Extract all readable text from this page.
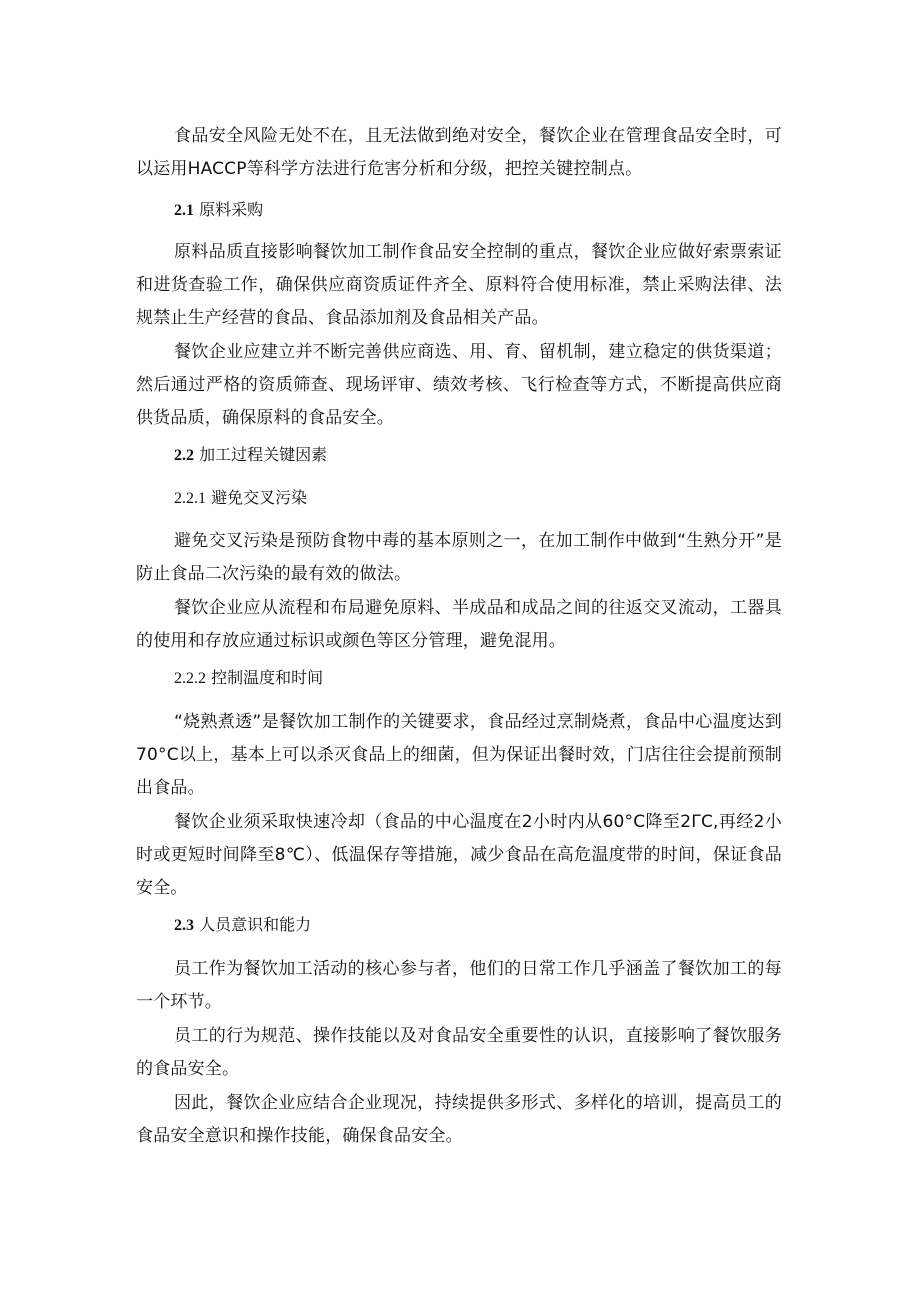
食品安全风险无处不在，且无法做到绝对安全，餐饮企业在管理食品安全时，可以运用HACCP等科学方法进行危害分析和分级，把控关键控制点。

2.1 原料采购

原料品质直接影响餐饮加工制作食品安全控制的重点，餐饮企业应做好索票索证和进货查验工作，确保供应商资质证件齐全、原料符合使用标准，禁止采购法律、法规禁止生产经营的食品、食品添加剂及食品相关产品。

餐饮企业应建立并不断完善供应商选、用、育、留机制，建立稳定的供货渠道；然后通过严格的资质筛查、现场评审、绩效考核、飞行检查等方式，不断提高供应商供货品质，确保原料的食品安全。

2.2 加工过程关键因素
2.2.1 避免交叉污染

避免交叉污染是预防食物中毒的基本原则之一，在加工制作中做到“生熟分开”是防止食品二次污染的最有效的做法。

餐饮企业应从流程和布局避免原料、半成品和成品之间的往返交叉流动，工器具的使用和存放应通过标识或颜色等区分管理，避免混用。

2.2.2 控制温度和时间

“烧熟煮透”是餐饮加工制作的关键要求，食品经过烹制烧煮，食品中心温度达到70°C以上，基本上可以杀灭食品上的细菌，但为保证出餐时效，门店往往会提前预制出食品。

餐饮企业须采取快速冷却（食品的中心温度在2小时内从60°C降至2ΓC,再经2小时或更短时间降至8℃）、低温保存等措施，减少食品在高危温度带的时间，保证食品安全。

2.3 人员意识和能力

员工作为餐饮加工活动的核心参与者，他们的日常工作几乎涵盖了餐饮加工的每一个环节。

员工的行为规范、操作技能以及对食品安全重要性的认识，直接影响了餐饮服务的食品安全。

因此，餐饮企业应结合企业现况，持续提供多形式、多样化的培训，提高员工的食品安全意识和操作技能，确保食品安全。
